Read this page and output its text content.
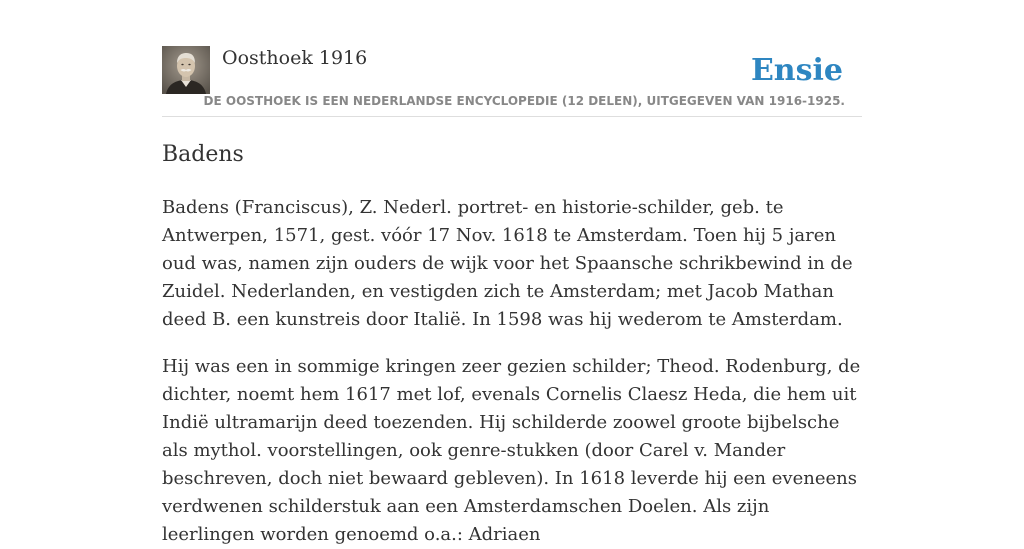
Oosthoek 1916	Ensie
DE OOSTHOEK IS EEN NEDERLANDSE ENCYCLOPEDIE (12 DELEN), UITGEGEVEN VAN 1916-1925.
Badens

Badens (Franciscus), Z. Nederl. portret- en historie-schilder, geb. te Antwerpen, 1571, gest. vóór 17 Nov. 1618 te Amsterdam. Toen hij 5 jaren oud was, namen zijn ouders de wijk voor het Spaansche schrikbewind in de Zuidel. Nederlanden, en vestigden zich te Amsterdam; met Jacob Mathan deed B. een kunstreis door Italië. In 1598 was hij wederom te Amsterdam.

Hij was een in sommige kringen zeer gezien schilder; Theod. Rodenburg, de dichter, noemt hem 1617 met lof, evenals Cornelis Claesz Heda, die hem uit Indië ultramarijn deed toezenden. Hij schilderde zoowel groote bijbelsche als mythol. voorstellingen, ook genre-stukken (door Carel v. Mander beschreven, doch niet bewaard gebleven). In 1618 leverde hij een eveneens verdwenen schilderstuk aan een Amsterdamschen Doelen. Als zijn leerlingen worden genoemd o.a.: Adriaen
